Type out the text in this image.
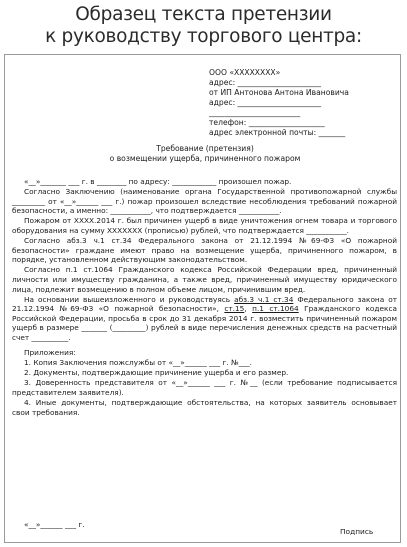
Образец текста претензии
к руководству торгового центра:
ООО «ХХХХХХХХ»
адрес: ______________________
от ИП Антонова Антона Ивановича
адрес: ______________________
________________________
телефон: ____________________
адрес электронной почты: _______
Требование (претензия)
о возмещении ущерба, причиненного пожаром

«__»_______ ___ г. в ________ по адресу: ____________ произошел пожар.

Согласно Заключению (наименование органа Государственной противопожарной службы _________ от «__»______ ___ г.) пожар произошел вследствие несоблюдения требований пожарной безопасности, а именно: ___________, что подтверждается ___________.

Пожаром от XXXX.2014 г. был причинен ущерб в виде уничтожения огнем товара и торгового оборудования на сумму XXXXXXX (прописью) рублей, что подтверждается ___________.

Согласно абз.3 ч.1 ст.34 Федерального закона от 21.12.1994 №69-ФЗ «О пожарной безопасности» граждане имеют право на возмещение ущерба, причиненного пожаром, в порядке, установленном действующим законодательством.

Согласно п.1 ст.1064 Гражданского кодекса Российской Федерации вред, причиненный личности или имуществу гражданина, а также вред, причиненный имуществу юридического лица, подлежит возмещению в полном объеме лицом, причинившим вред.

На основании вышеизложенного и руководствуясь абз.3 ч.1 ст.34 Федерального закона от 21.12.1994 №69-ФЗ «О пожарной безопасности», ст.15, п.1 ст.1064 Гражданского кодекса Российской Федерации, просьба в срок до 31 декабря 2014 г. возместить причиненный пожаром ущерб в размере _______ (_________) рублей в виде перечисления денежных средств на расчетный счет __________.

Приложения:

1. Копия Заключения пожслужбы от «__»______ ___ г. №___.

2. Документы, подтверждающие причинение ущерба и его размер.

3. Доверенность представителя от «__»______ ___ г. №__ (если требование подписывается представителем заявителя).

4. Иные документы, подтверждающие обстоятельства, на которых заявитель основывает свои требования.

«__»______ ___ г.
Подпись
